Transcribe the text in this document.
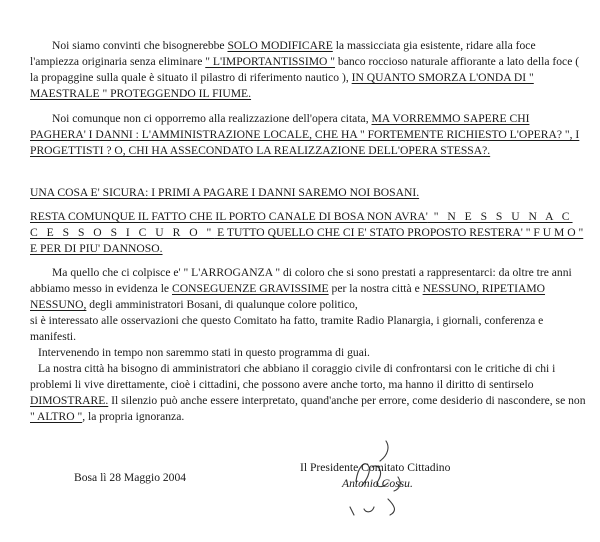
Noi siamo convinti che bisognerebbe SOLO MODIFICARE la massicciata gia esistente, ridare alla foce l'ampiezza originaria senza eliminare " L'IMPORTANTISSIMO " banco roccioso naturale affiorante a lato della foce ( la propaggine sulla quale è situato il pilastro di riferimento nautico ), IN QUANTO SMORZA L'ONDA DI " MAESTRALE " PROTEGGENDO IL FIUME.

Noi comunque non ci opporremo alla realizzazione dell'opera citata, MA VORREMMO SAPERE CHI PAGHERA' I DANNI : L'AMMINISTRAZIONE LOCALE, CHE HA " FORTEMENTE RICHIESTO L'OPERA? ", I PROGETTISTI ? O, CHI HA ASSECONDATO LA REALIZZAZIONE DELL'OPERA STESSA?.

UNA COSA E' SICURA: I PRIMI A PAGARE I DANNI SAREMO NOI BOSANI.

RESTA COMUNQUE IL FATTO CHE IL PORTO CANALE DI BOSA NON AVRA' " N E S S U N A C C E S S O S I C U R O " E TUTTO QUELLO CHE CI E' STATO PROPOSTO RESTERA' " F U M O " E PER DI PIU' DANNOSO.

Ma quello che ci colpisce e' " L'ARROGANZA " di coloro che si sono prestati a rappresentarci: da oltre tre anni abbiamo messo in evidenza le CONSEGUENZE GRAVISSIME per la nostra città e NESSUNO, RIPETIAMO NESSUNO, degli amministratori Bosani, di qualunque colore politico,
si è interessato alle osservazioni che questo Comitato ha fatto, tramite Radio Planargia, i giornali, conferenza e manifesti.
Intervenendo in tempo non saremmo stati in questo programma di guai.
La nostra città ha bisogno di amministratori che abbiano il coraggio civile di confrontarsi con le critiche di chi i problemi li vive direttamente, cioè i cittadini, che possono avere anche torto, ma hanno il diritto di sentirselo DIMOSTRARE. Il silenzio può anche essere interpretato, quand'anche per errore, come desiderio di nascondere, se non " ALTRO ", la propria ignoranza.

Bosa lì 28 Maggio 2004

Il Presidente Comitato Cittadino

Antonio Cossu.
